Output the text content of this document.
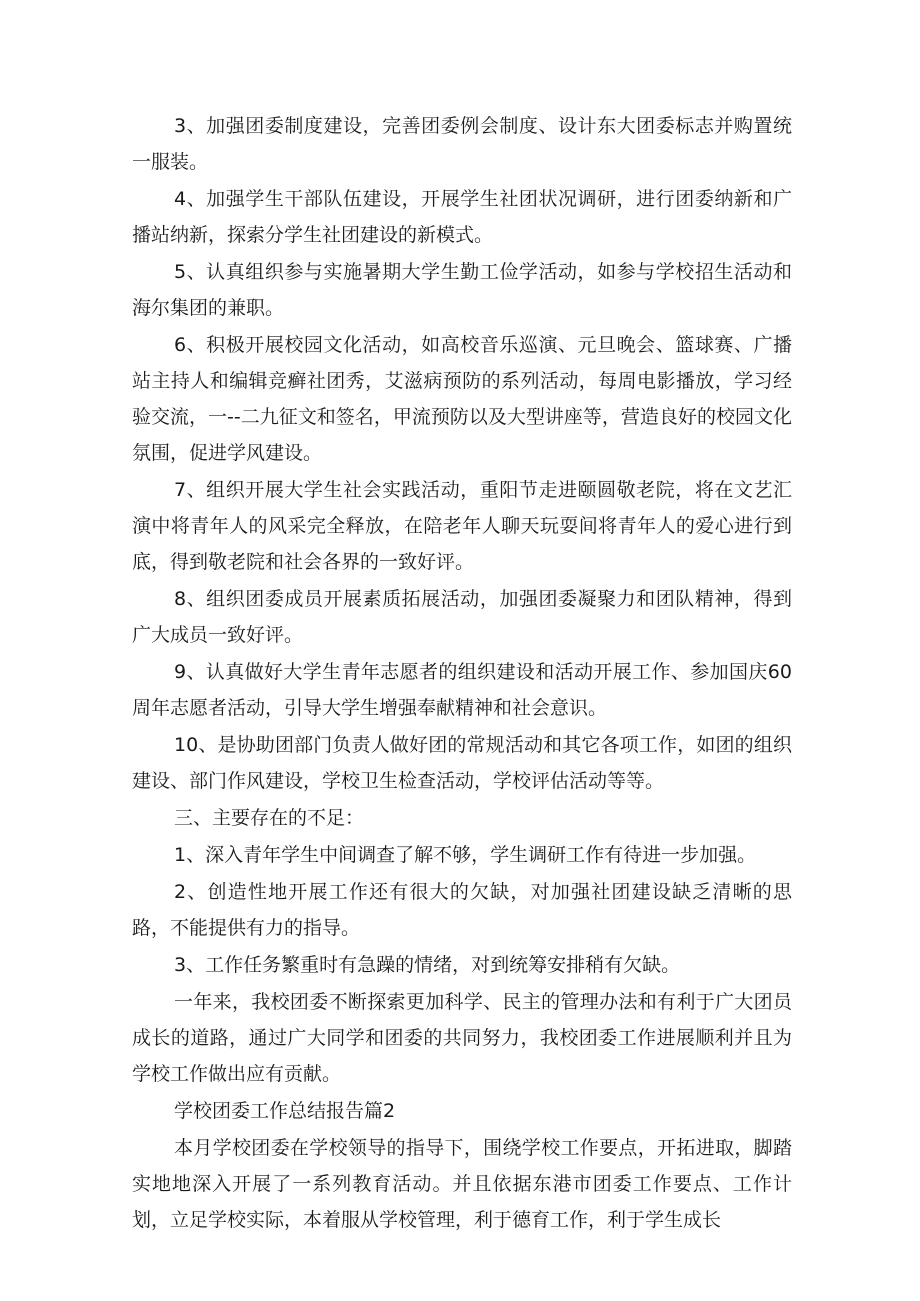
3、加强团委制度建设，完善团委例会制度、设计东大团委标志并购置统一服装。

4、加强学生干部队伍建设，开展学生社团状况调研，进行团委纳新和广播站纳新，探索分学生社团建设的新模式。

5、认真组织参与实施暑期大学生勤工俭学活动，如参与学校招生活动和海尔集团的兼职。

6、积极开展校园文化活动，如高校音乐巡演、元旦晚会、篮球赛、广播站主持人和编辑竞癣社团秀，艾滋病预防的系列活动，每周电影播放，学习经验交流，一--二九征文和签名，甲流预防以及大型讲座等，营造良好的校园文化氛围，促进学风建设。

7、组织开展大学生社会实践活动，重阳节走进颐圆敬老院，将在文艺汇演中将青年人的风采完全释放，在陪老年人聊天玩耍间将青年人的爱心进行到底，得到敬老院和社会各界的一致好评。

8、组织团委成员开展素质拓展活动，加强团委凝聚力和团队精神，得到广大成员一致好评。

9、认真做好大学生青年志愿者的组织建设和活动开展工作、参加国庆60周年志愿者活动，引导大学生增强奉献精神和社会意识。

10、是协助团部门负责人做好团的常规活动和其它各项工作，如团的组织建设、部门作风建设，学校卫生检查活动，学校评估活动等等。

三、主要存在的不足：

1、深入青年学生中间调查了解不够，学生调研工作有待进一步加强。

2、创造性地开展工作还有很大的欠缺，对加强社团建设缺乏清晰的思路，不能提供有力的指导。

3、工作任务繁重时有急躁的情绪，对到统筹安排稍有欠缺。

一年来，我校团委不断探索更加科学、民主的管理办法和有利于广大团员成长的道路，通过广大同学和团委的共同努力，我校团委工作进展顺利并且为学校工作做出应有贡献。

学校团委工作总结报告篇2

本月学校团委在学校领导的指导下，围绕学校工作要点，开拓进取，脚踏实地地深入开展了一系列教育活动。并且依据东港市团委工作要点、工作计划，立足学校实际，本着服从学校管理，利于德育工作，利于学生成长
